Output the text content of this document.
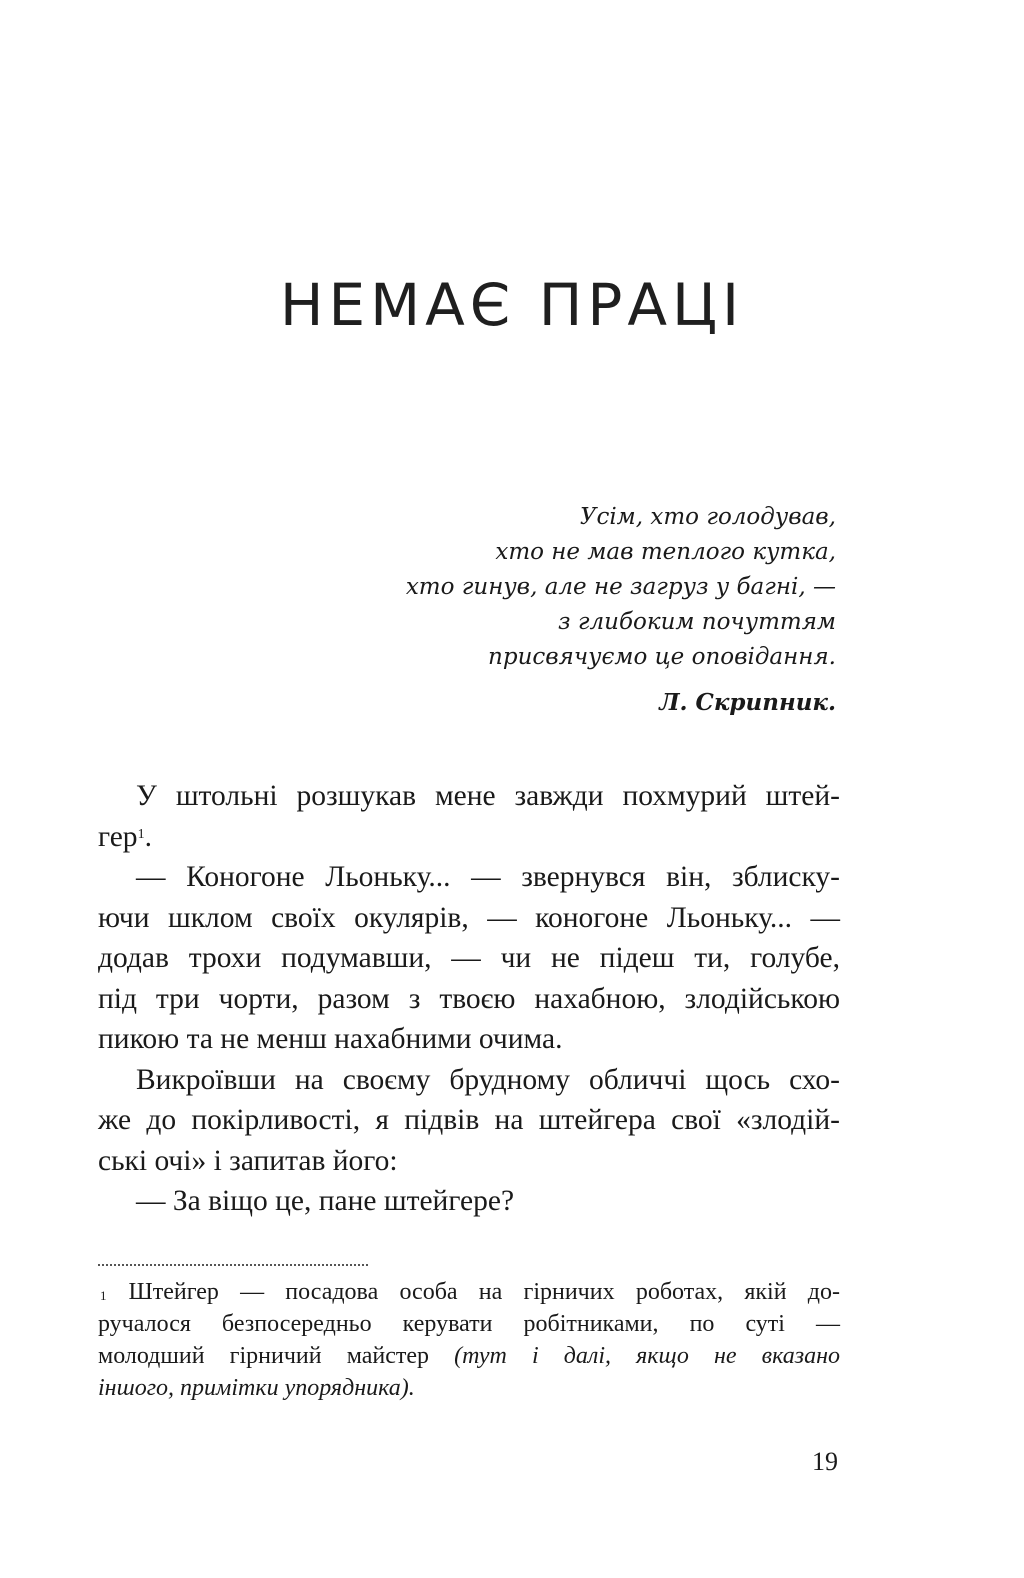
НЕМАЄ ПРАЦІ
Усім, хто голодував,
хто не мав теплого кутка,
хто гинув, але не загруз у багні, —
з глибоким почуттям
присвячуємо це оповідання.
Л. Скрипник.
У штольні розшукав мене завжди похмурий штей-
гер$^1$.
— Коногоне Льоньку... — звернувся він, зблиску-
ючи шклом своїх окулярів, — коногоне Льоньку... —
додав трохи подумавши, — чи не підеш ти, голубе,
під три чорти, разом з твоєю нахабною, злодійською
пикою та не менш нахабними очима.
Викроївши на своєму брудному обличчі щось схо-
же до покірливості, я підвів на штейгера свої «злодій-
ські очі» і запитав його:
— За віщо це, пане штейгере?
$^1$ Штейгер — посадова особа на гірничих роботах, якій до-
ручалося безпосередньо керувати робітниками, по суті —
молодший гірничий майстер (тут і далі, якщо не вказано
іншого, примітки упорядника).
19
